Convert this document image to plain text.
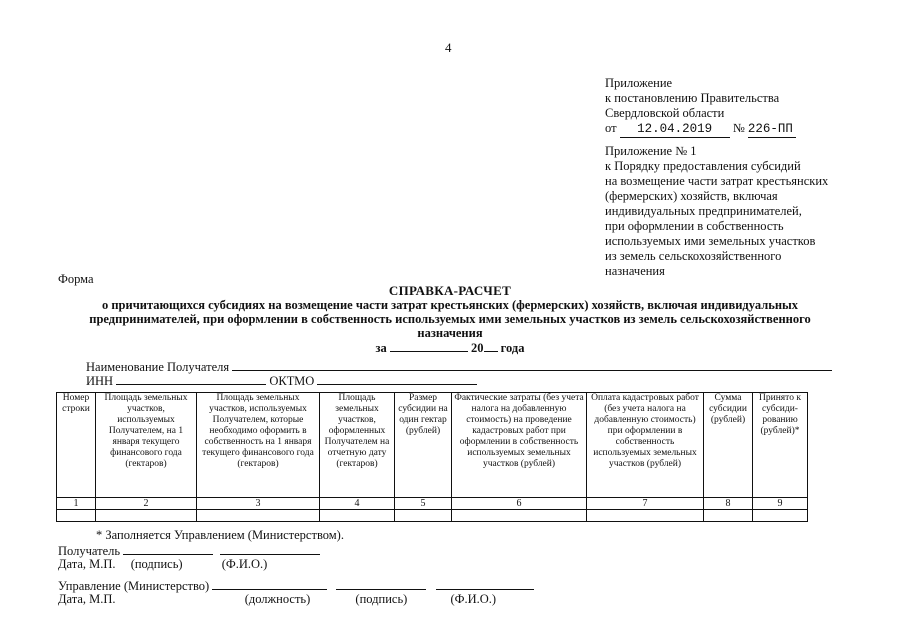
4
Приложение
к постановлению Правительства
Свердловской области
от 12.04.2019 № 226-ПП
Приложение № 1
к Порядку предоставления субсидий
на возмещение части затрат крестьянских
(фермерских) хозяйств, включая
индивидуальных предпринимателей,
при оформлении в собственность
используемых ими земельных участков
из земель сельскохозяйственного
назначения
Форма
СПРАВКА-РАСЧЕТ
о причитающихся субсидиях на возмещение части затрат крестьянских (фермерских) хозяйств, включая индивидуальных
предпринимателей, при оформлении в собственность используемых ими земельных участков из земель сельскохозяйственного
назначения
за	20 года
Наименование Получателя
ИНН	ОКТМО
Номер строки	Площадь земельных участков, используемых Получателем, на 1 января текущего финансового года (гектаров)	Площадь земельных участков, используемых Получателем, которые необходимо оформить в собственность на 1 января текущего финансового года (гектаров)	Площадь земельных участков, оформленных Получателем на отчетную дату (гектаров)	Размер субсидии на один гектар (рублей)	Фактические затраты (без учета налога на добавленную стоимость) на проведение кадастровых работ при оформлении в собственность используемых земельных участков (рублей)	Оплата кадастровых работ (без учета налога на добавленную стоимость) при оформлении в собственность используемых земельных участков (рублей)	Сумма субсидии (рублей)	Принято к субсиди-рованию (рублей)*
1	2	3	4	5	6	7	8	9

* Заполняется Управлением (Министерством).
Получатель
Дата, М.П. (подпись)	(Ф.И.О.)
Управление (Министерство)
Дата, М.П.	(должность)	(подпись)	(Ф.И.О.)
